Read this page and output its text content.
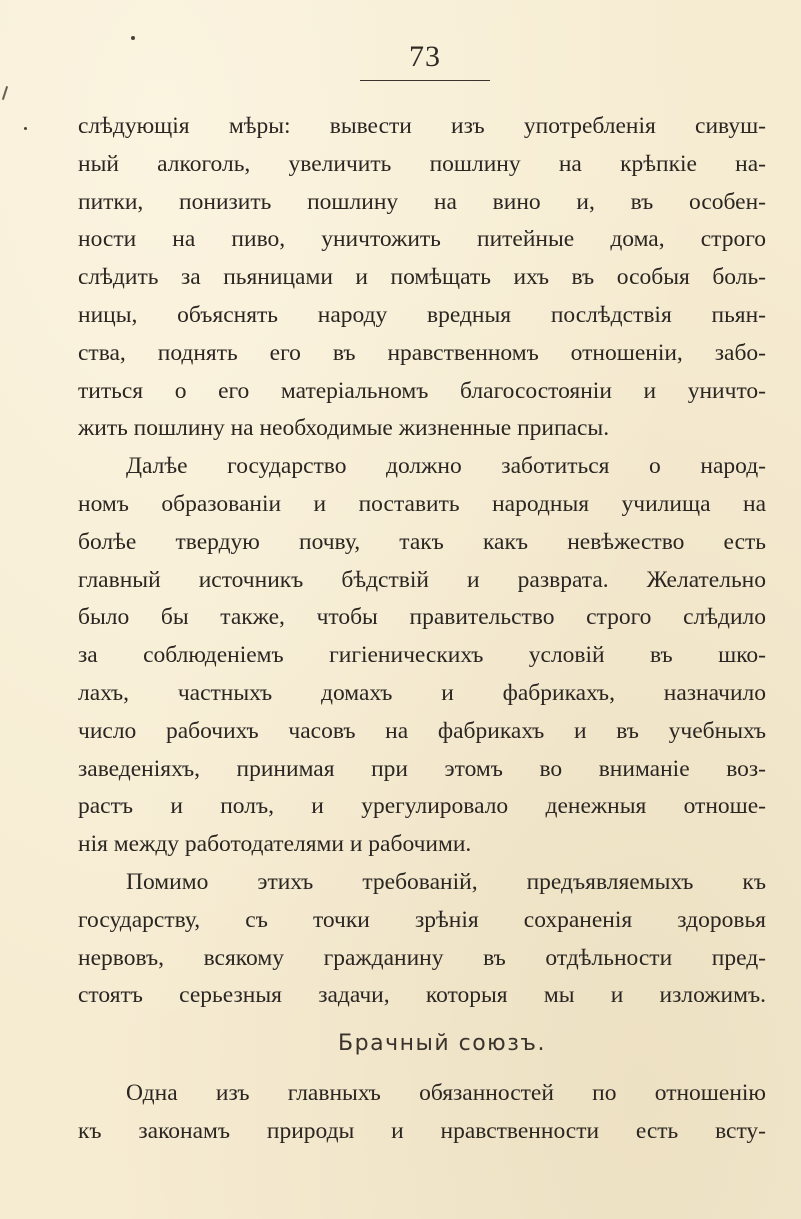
73
слѣдующія мѣры: вывести изъ употребленія сивуш-
ный алкоголь, увеличить пошлину на крѣпкіе на-
питки, понизить пошлину на вино и, въ особен-
ности на пиво, уничтожить питейные дома, строго
слѣдить за пьяницами и помѣщать ихъ въ особыя боль-
ницы, объяснять народу вредныя послѣдствія пьян-
ства, поднять его въ нравственномъ отношеніи, забо-
титься о его матеріальномъ благосостояніи и уничто-
жить пошлину на необходимые жизненные припасы.
Далѣе государство должно заботиться о народ-
номъ образованіи и поставить народныя училища на
болѣе твердую почву, такъ какъ невѣжество есть
главный источникъ бѣдствій и разврата. Желательно
было бы также, чтобы правительство строго слѣдило
за соблюденіемъ гигіеническихъ условій въ шко-
лахъ, частныхъ домахъ и фабрикахъ, назначило
число рабочихъ часовъ на фабрикахъ и въ учебныхъ
заведеніяхъ, принимая при этомъ во вниманіе воз-
растъ и полъ, и урегулировало денежныя отноше-
нія между работодателями и рабочими.
Помимо этихъ требованій, предъявляемыхъ къ
государству, съ точки зрѣнія сохраненія здоровья
нервовъ, всякому гражданину въ отдѣльности пред-
стоятъ серьезныя задачи, которыя мы и изложимъ.
Брачный союзъ.
Одна изъ главныхъ обязанностей по отношенію
къ законамъ природы и нравственности есть всту-
